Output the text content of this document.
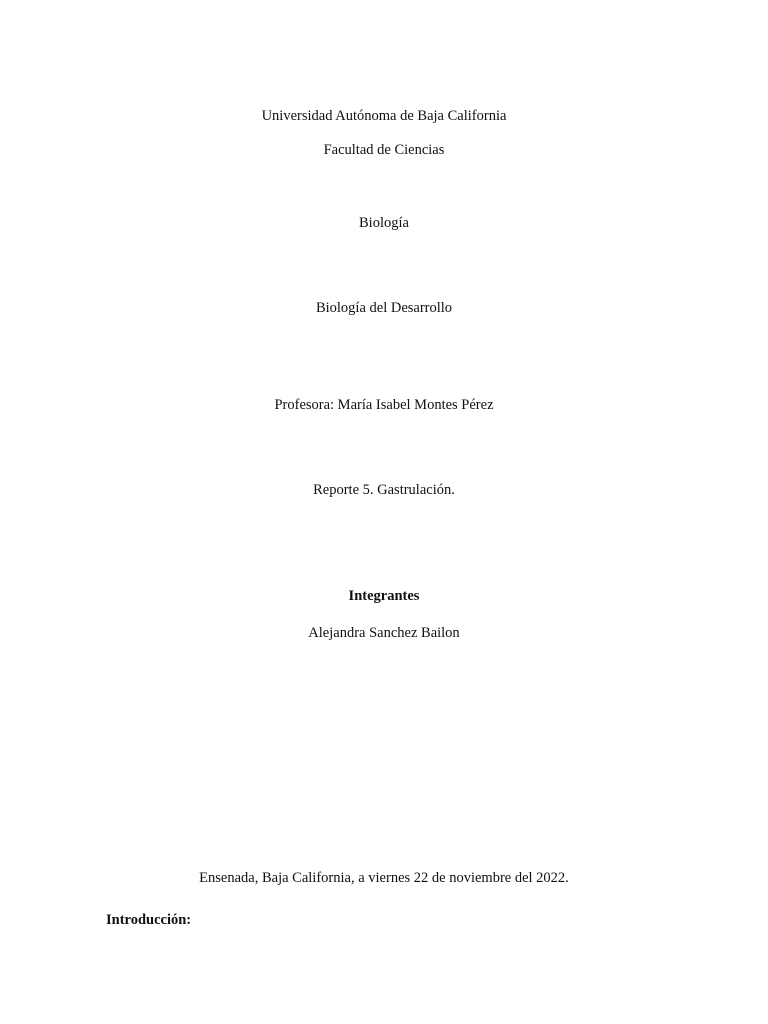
Universidad Autónoma de Baja California
Facultad de Ciencias
Biología
Biología del Desarrollo
Profesora: María Isabel Montes Pérez
Reporte 5. Gastrulación.
Integrantes
Alejandra Sanchez Bailon
Ensenada, Baja California, a viernes 22 de noviembre del 2022.
Introducción:
